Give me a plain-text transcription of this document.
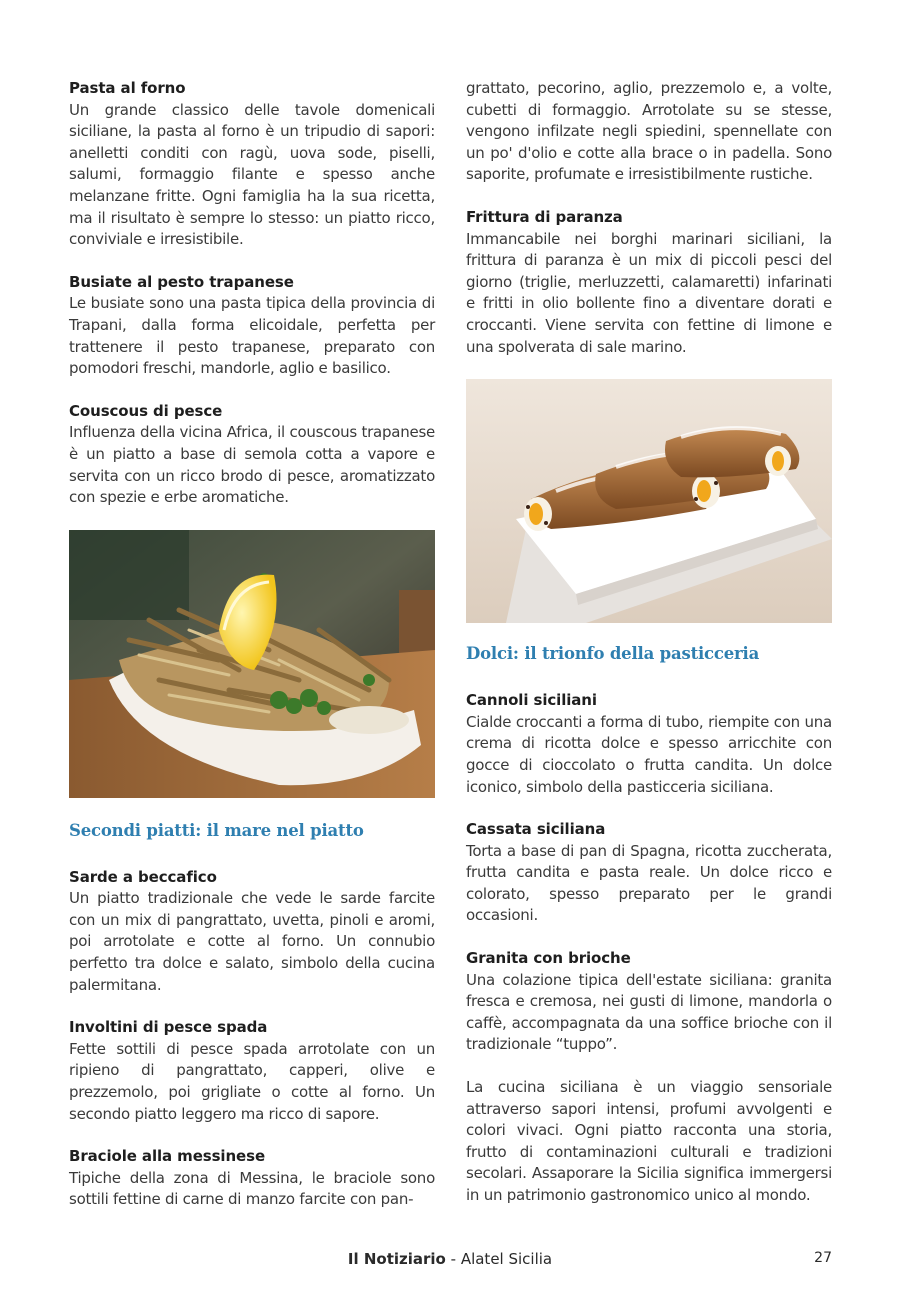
Pasta al forno
Un grande classico delle tavole domenicali siciliane, la pasta al forno è un tripudio di sapori: anelletti conditi con ragù, uova sode, piselli, salumi, formaggio filante e spesso anche melanzane fritte. Ogni famiglia ha la sua ricetta, ma il risultato è sempre lo stesso: un piatto ricco, conviviale e irresistibile.
Busiate al pesto trapanese
Le busiate sono una pasta tipica della provincia di Trapani, dalla forma elicoidale, perfetta per trattenere il pesto trapanese, preparato con pomodori freschi, mandorle, aglio e basilico.
Couscous di pesce
Influenza della vicina Africa, il couscous trapanese è un piatto a base di semola cotta a vapore e servita con un ricco brodo di pesce, aromatizzato con spezie e erbe aromatiche.
Secondi piatti: il mare nel piatto
Sarde a beccafico
Un piatto tradizionale che vede le sarde farcite con un mix di pangrattato, uvetta, pinoli e aromi, poi arrotolate e cotte al forno. Un connubio perfetto tra dolce e salato, simbolo della cucina palermitana.
Involtini di pesce spada
Fette sottili di pesce spada arrotolate con un ripieno di pangrattato, capperi, olive e prezzemolo, poi grigliate o cotte al forno. Un secondo piatto leggero ma ricco di sapore.
Braciole alla messinese
Tipiche della zona di Messina, le braciole sono sottili fettine di carne di manzo farcite con pan-
grattato, pecorino, aglio, prezzemolo e, a volte, cubetti di formaggio. Arrotolate su se stesse, vengono infilzate negli spiedini, spennellate con un po' d'olio e cotte alla brace o in padella. Sono saporite, profumate e irresistibilmente rustiche.
Frittura di paranza
Immancabile nei borghi marinari siciliani, la frittura di paranza è un mix di piccoli pesci del giorno (triglie, merluzzetti, calamaretti) infarinati e fritti in olio bollente fino a diventare dorati e croccanti. Viene servita con fettine di limone e una spolverata di sale marino.
Dolci: il trionfo della pasticceria
Cannoli siciliani
Cialde croccanti a forma di tubo, riempite con una crema di ricotta dolce e spesso arricchite con gocce di cioccolato o frutta candita. Un dolce iconico, simbolo della pasticceria siciliana.
Cassata siciliana
Torta a base di pan di Spagna, ricotta zuccherata, frutta candita e pasta reale. Un dolce ricco e colorato, spesso preparato per le grandi occasioni.
Granita con brioche
Una colazione tipica dell'estate siciliana: granita fresca e cremosa, nei gusti di limone, mandorla o caffè, accompagnata da una soffice brioche con il tradizionale “tuppo”.
La cucina siciliana è un viaggio sensoriale attraverso sapori intensi, profumi avvolgenti e colori vivaci. Ogni piatto racconta una storia, frutto di contaminazioni culturali e tradizioni secolari. Assaporare la Sicilia significa immergersi in un patrimonio gastronomico unico al mondo.
Il Notiziario - Alatel Sicilia	27
